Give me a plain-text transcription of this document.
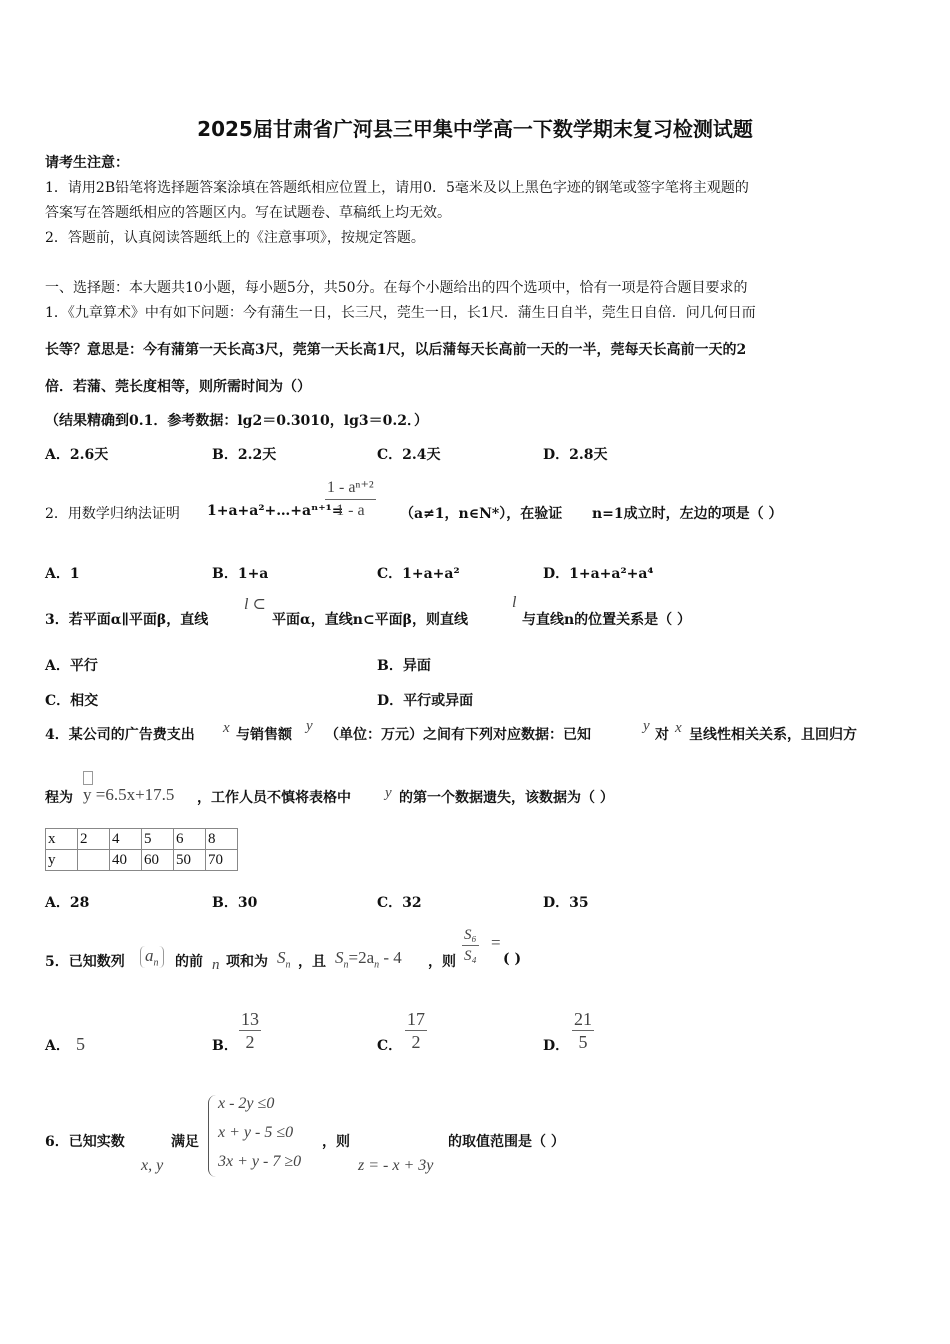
2025届甘肃省广河县三甲集中学高一下数学期末复习检测试题
请考生注意：
1．请用2B铅笔将选择题答案涂填在答题纸相应位置上，请用0．5毫米及以上黑色字迹的钢笔或签字笔将主观题的
答案写在答题纸相应的答题区内。写在试题卷、草稿纸上均无效。
2．答题前，认真阅读答题纸上的《注意事项》，按规定答题。
一、选择题：本大题共10小题，每小题5分，共50分。在每个小题给出的四个选项中，恰有一项是符合题目要求的
1．《九章算术》中有如下问题：今有蒲生一日，长三尺，莞生一日，长1尺．蒲生日自半，莞生日自倍．问几何日而
长等？意思是：今有蒲第一天长高3尺，莞第一天长高1尺，以后蒲每天长高前一天的一半，莞每天长高前一天的2
倍．若蒲、莞长度相等，则所需时间为（）
（结果精确到0.1．参考数据：lg2＝0.3010，lg3＝0.2．）
A．2.6天	B．2.2天	C．2.4天	D．2.8天
2．用数学归纳法证明 1+a+a²+…+aⁿ⁺¹=
$\frac{\text{1 - aⁿ⁺²}}{1 - a} (a\ne 1$，n∈N*），在验证 n=1成立时，左边的项是（ ）
A．1	B．1+a	C．1+a+a²	D．1+a+a²+a⁴
3．若平面α∥平面β，直线
l ⊂
平面α，直线n⊂平面β，则直线
l
与直线n的位置关系是（ ）
A．平行	B．异面
C．相交	D．平行或异面
4．某公司的广告费支出 x 与销售额
y
（单位：万元）之间有下列对应数据：已知
y
对 x 呈线性相关关系，且回归方
程为 y =6.5x+17.5 ，工作人员不慎将表格中 y 的第一个数据遗失，该数据为（ ）
x	2	4	5	6	8
y		40	60	50	70
A．28	B．30	C．32	D．35
5．已知数列 $a_n$	的前 n 项和为 $S_n$ ，且 $S_n=2a_n - 4$ ，则 $\frac{\text{S₆}}{\text{S₄}}$ =
( )
A． 5	B． $\frac{13}{2}$	C． $\frac{17}{2}$	D． $\frac{21}{5}$
6．已知实数	满足
x, y
x - 2y ≤0
x + y - 5 ≤0
3x + y - 7 ≥0
，则
z = - x + 3y
的取值范围是（ ）
